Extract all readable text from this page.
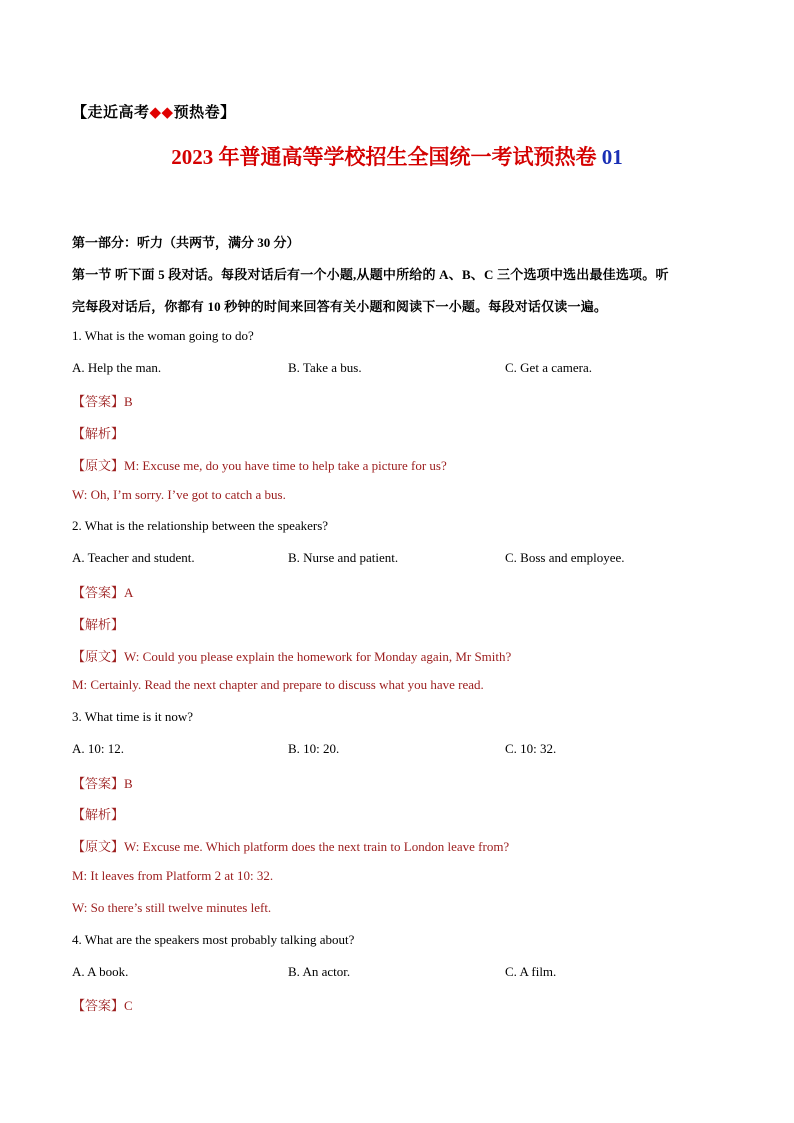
【走近高考◆◆预热卷】
2023 年普通高等学校招生全国统一考试预热卷 01
第一部分：听力（共两节，满分 30 分）
第一节 听下面 5 段对话。每段对话后有一个小题,从题中所给的 A、B、C 三个选项中选出最佳选项。听
完每段对话后，你都有 10 秒钟的时间来回答有关小题和阅读下一小题。每段对话仅读一遍。
1. What is the woman going to do?
A. Help the man.	B. Take a bus.	C. Get a camera.
【答案】B
【解析】
【原文】M: Excuse me, do you have time to help take a picture for us?
W: Oh, I’m sorry. I’ve got to catch a bus.
2. What is the relationship between the speakers?
A. Teacher and student.	B. Nurse and patient.	C. Boss and employee.
【答案】A
【解析】
【原文】W: Could you please explain the homework for Monday again, Mr Smith?
M: Certainly. Read the next chapter and prepare to discuss what you have read.
3. What time is it now?
A. 10: 12.	B. 10: 20.	C. 10: 32.
【答案】B
【解析】
【原文】W: Excuse me. Which platform does the next train to London leave from?
M: It leaves from Platform 2 at 10: 32.
W: So there’s still twelve minutes left.
4. What are the speakers most probably talking about?
A. A book.	B. An actor.	C. A film.
【答案】C
